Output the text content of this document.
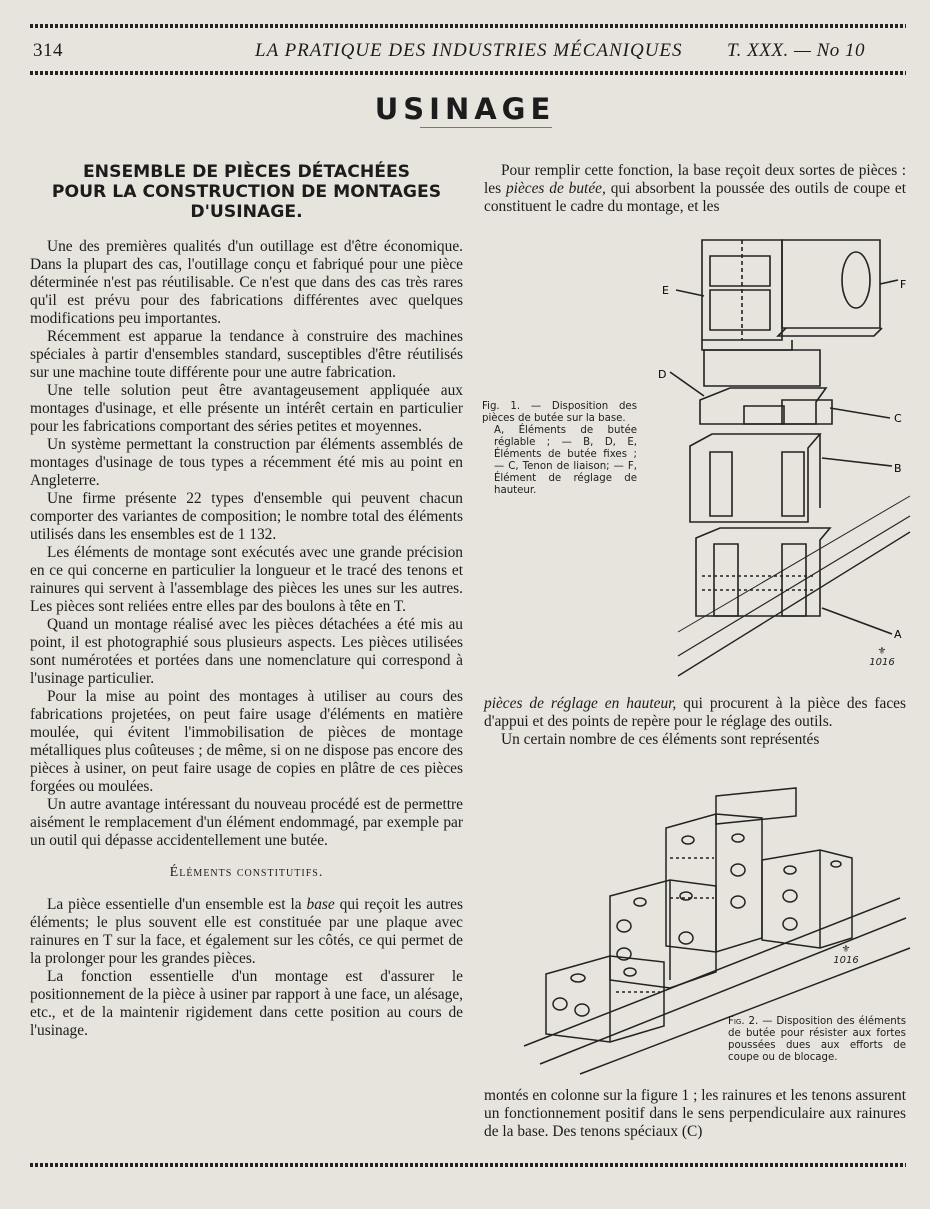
314	LA PRATIQUE DES INDUSTRIES MÉCANIQUES T. XXX. — No 10
USINAGE
ENSEMBLE DE PIÈCES DÉTACHÉES
POUR LA CONSTRUCTION DE MONTAGES
D'USINAGE.

Une des premières qualités d'un outillage est d'être économique. Dans la plupart des cas, l'outillage conçu et fabriqué pour une pièce déterminée n'est pas réutilisable. Ce n'est que dans des cas très rares qu'il est prévu pour des fabrications différentes avec quelques modifications peu importantes.

Récemment est apparue la tendance à construire des machines spéciales à partir d'ensembles standard, susceptibles d'être réutilisés sur une machine toute différente pour une autre fabrication.

Une telle solution peut être avantageusement appliquée aux montages d'usinage, et elle présente un intérêt certain en particulier pour les fabrications comportant des séries petites et moyennes.

Un système permettant la construction par éléments assemblés de montages d'usinage de tous types a récemment été mis au point en Angleterre.

Une firme présente 22 types d'ensemble qui peuvent chacun comporter des variantes de composition; le nombre total des éléments utilisés dans les ensembles est de 1 132.

Les éléments de montage sont exécutés avec une grande précision en ce qui concerne en particulier la longueur et le tracé des tenons et rainures qui servent à l'assemblage des pièces les unes sur les autres. Les pièces sont reliées entre elles par des boulons à tête en T.

Quand un montage réalisé avec les pièces détachées a été mis au point, il est photographié sous plusieurs aspects. Les pièces utilisées sont numérotées et portées dans une nomenclature qui correspond à l'usinage particulier.

Pour la mise au point des montages à utiliser au cours des fabrications projetées, on peut faire usage d'éléments en matière moulée, qui évitent l'immobilisation de pièces de montage métalliques plus coûteuses ; de même, si on ne dispose pas encore des pièces à usiner, on peut faire usage de copies en plâtre de ces pièces forgées ou moulées.

Un autre avantage intéressant du nouveau procédé est de permettre aisément le remplacement d'un élément endommagé, par exemple par un outil qui dépasse accidentellement une butée.

Éléments constitutifs.

La pièce essentielle d'un ensemble est la base qui reçoit les autres éléments; le plus souvent elle est constituée par une plaque avec rainures en T sur la face, et également sur les côtés, ce qui permet de la prolonger pour les grandes pièces.

La fonction essentielle d'un montage est d'assurer le positionnement de la pièce à usiner par rapport à une face, un alésage, etc., et de la maintenir rigidement dans cette position au cours de l'usinage.

Pour remplir cette fonction, la base reçoit deux sortes de pièces : les pièces de butée, qui absorbent la poussée des outils de coupe et constituent le cadre du montage, et les

E	F
D
C
B
A
Fig. 1. — Disposition des pièces de butée sur la base.
A, Éléments de butée réglable ; — B, D, E, Éléments de butée fixes ; — C, Tenon de liaison; — F, Élément de réglage de hauteur.
⚜
1016

pièces de réglage en hauteur, qui procurent à la pièce des faces d'appui et des points de repère pour le réglage des outils.

Un certain nombre de ces éléments sont représentés

Fig. 2. — Disposition des éléments de butée pour résister aux fortes poussées dues aux efforts de coupe ou de blocage.
⚜
1016

montés en colonne sur la figure 1 ; les rainures et les tenons assurent un fonctionnement positif dans le sens perpendiculaire aux rainures de la base. Des tenons spéciaux (C)
